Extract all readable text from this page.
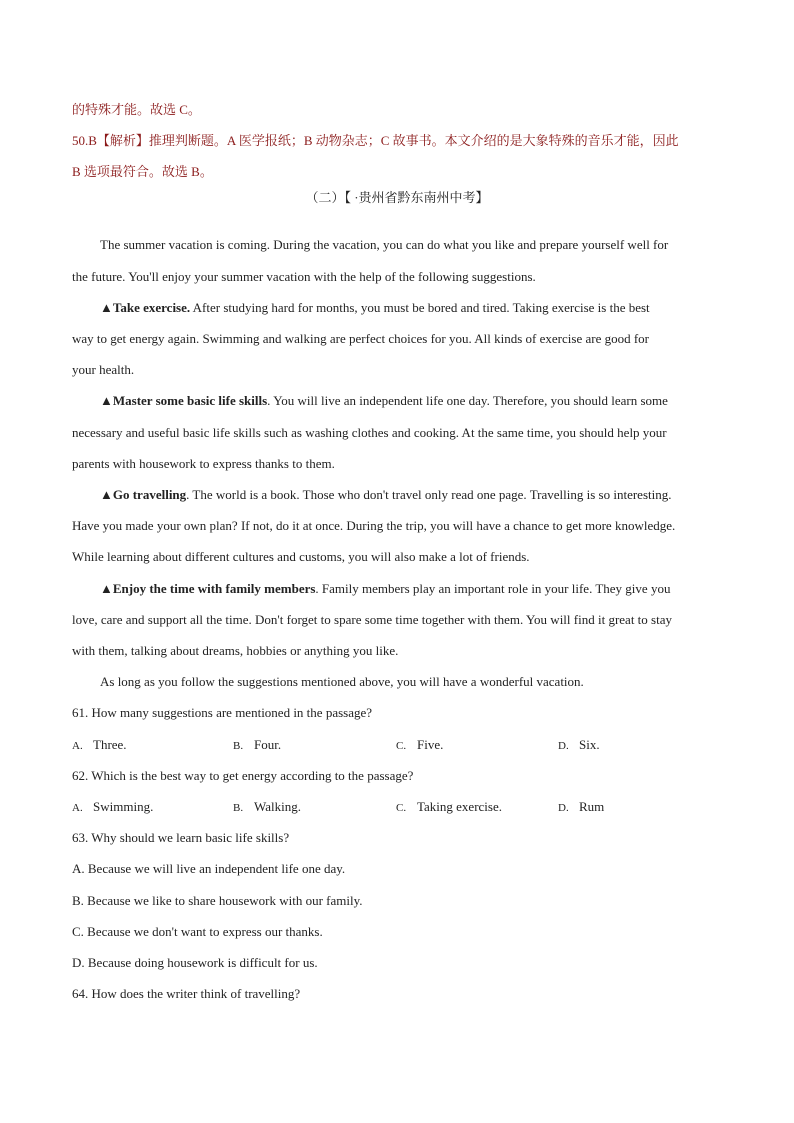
的特殊才能。故选 C。
50.B【解析】推理判断题。A 医学报纸；B 动物杂志；C 故事书。本文介绍的是大象特殊的音乐才能，因此
B 选项最符合。故选 B。
（二）【 ·贵州省黔东南州中考】
The summer vacation is coming. During the vacation, you can do what you like and prepare yourself well for
the future. You'll enjoy your summer vacation with the help of the following suggestions.
▲Take exercise. After studying hard for months, you must be bored and tired. Taking exercise is the best
way to get energy again. Swimming and walking are perfect choices for you. All kinds of exercise are good for
your health.
▲Master some basic life skills. You will live an independent life one day. Therefore, you should learn some
necessary and useful basic life skills such as washing clothes and cooking. At the same time, you should help your
parents with housework to express thanks to them.
▲Go travelling. The world is a book. Those who don't travel only read one page. Travelling is so interesting.
Have you made your own plan? If not, do it at once. During the trip, you will have a chance to get more knowledge.
While learning about different cultures and customs, you will also make a lot of friends.
▲Enjoy the time with family members. Family members play an important role in your life. They give you
love, care and support all the time. Don't forget to spare some time together with them. You will find it great to stay
with them, talking about dreams, hobbies or anything you like.
As long as you follow the suggestions mentioned above, you will have a wonderful vacation.
61. How many suggestions are mentioned in the passage?
A. Three.	B. Four.	C. Five.	D. Six.
62. Which is the best way to get energy according to the passage?
A. Swimming.	B. Walking.	C. Taking exercise.	D. Rum
63. Why should we learn basic life skills?
A. Because we will live an independent life one day.
B. Because we like to share housework with our family.
C. Because we don't want to express our thanks.
D. Because doing housework is difficult for us.
64. How does the writer think of travelling?
